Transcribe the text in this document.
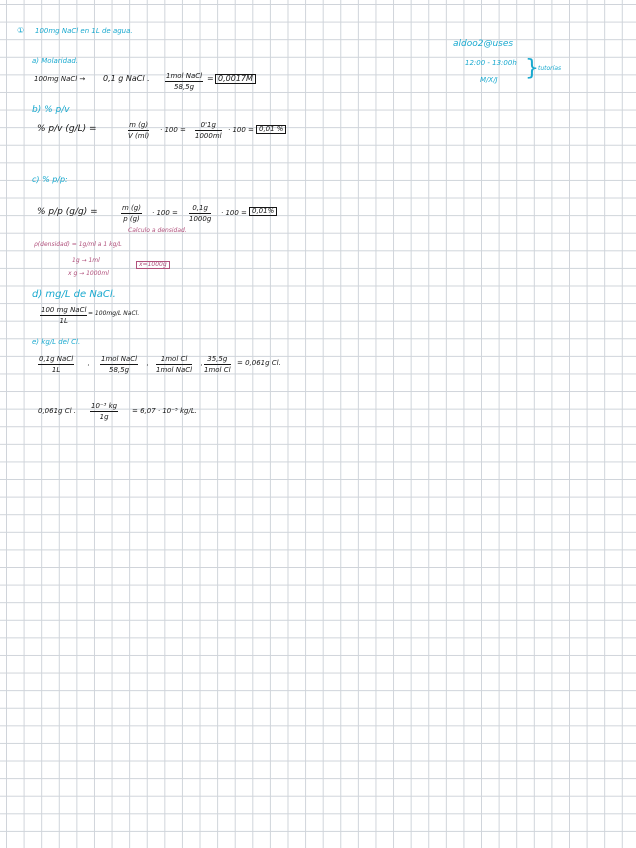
① 100mg NaCl en 1L de agua.
aldoo2@uses
12:00 - 13:00h
M/X/J } tutorías
a) Molaridad.
100mg NaCl → 0,1 g NaCl . 1mol NaCl
58,5g
= 0,0017M
b) % p/v
% p/v (g/L) =	$\frac{m (g)}{V (ml)} \cdot 100 = \frac{0'1g}{1000ml} \cdot 100 = 0,01$ %
c) % p/p:
% p/p (g/g) =	$\frac{m (g)}{p (g)} \cdot 100 = \frac{0,1g}{1000g} \cdot 100 = 0,01\%$
Calculo a densidad.
ρ(densidad) = 1g/ml a 1 kg/L
1g → 1ml
x g → 1000ml
x=1000g
d) mg/L de NaCl.
100 mg NaCl
1L
= 100mg/L NaCl.
e) kg/L del Cl.
0,1g NaCl
1L	·
1mol NaCl
58,5g	·
1mol Cl
1mol NaCl ·
35,5g
1mol Cl
= 0,061g Cl.
0,061g Cl . $\frac{\text{10⁻³ kg}}{1g} = 6,07 \cdot 10^{-5}$ kg/L.
